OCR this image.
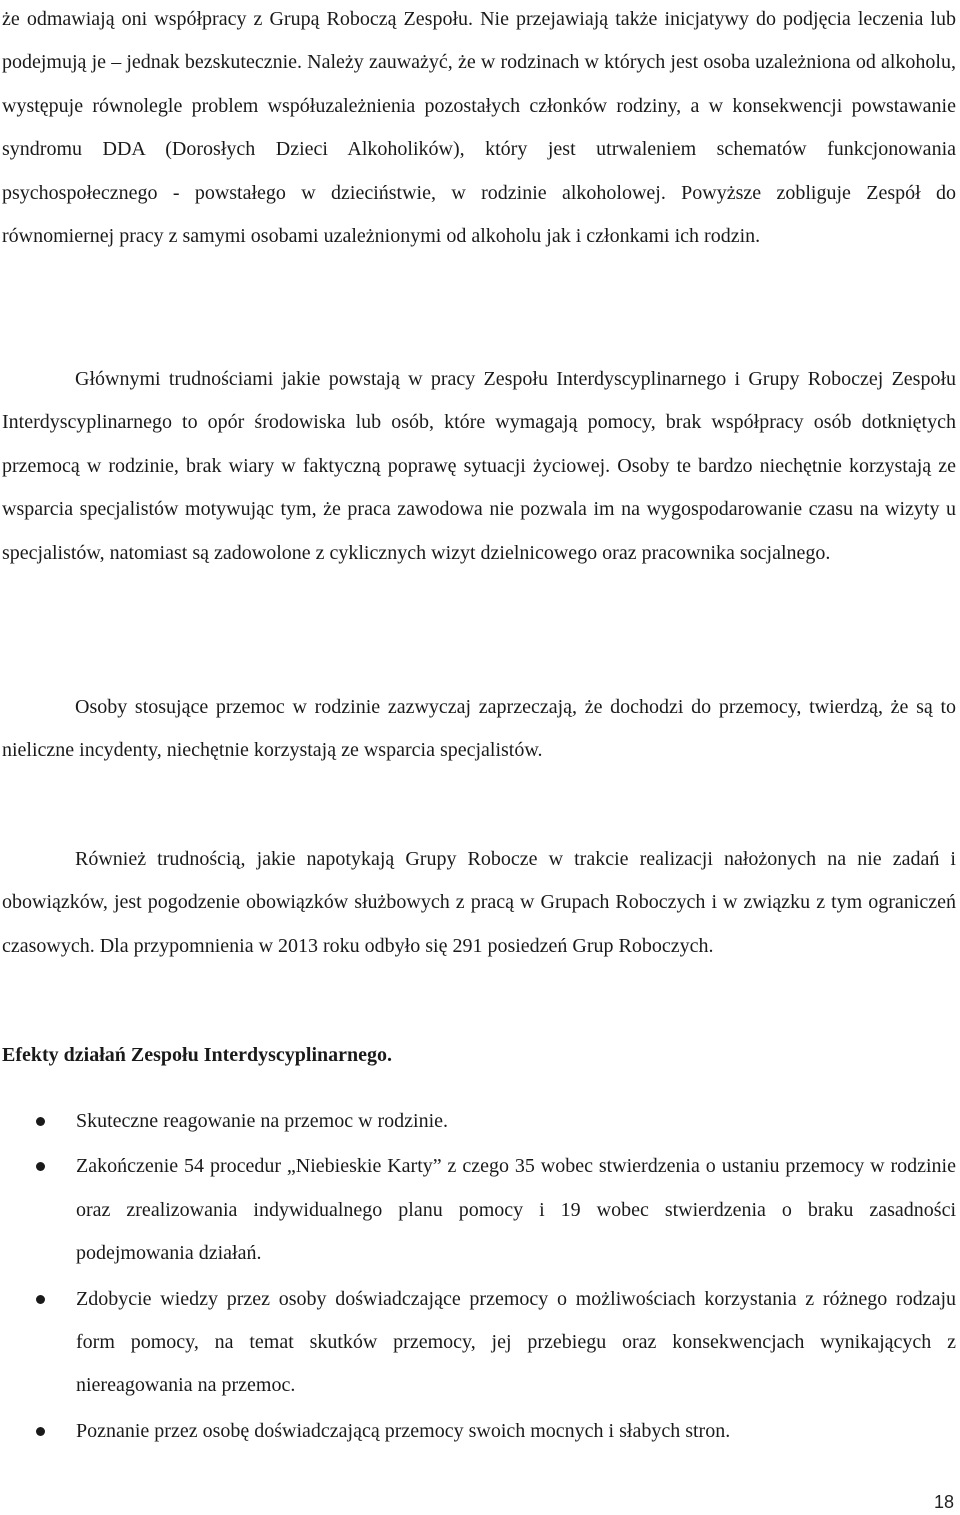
że odmawiają oni współpracy z Grupą Roboczą Zespołu. Nie przejawiają także inicjatywy do podjęcia leczenia lub podejmują je – jednak bezskutecznie. Należy zauważyć, że w rodzinach w których jest osoba uzależniona od alkoholu, występuje równolegle problem współuzależnienia pozostałych członków rodziny, a w konsekwencji powstawanie syndromu DDA (Dorosłych Dzieci Alkoholików), który jest utrwaleniem schematów funkcjonowania psychospołecznego - powstałego w dzieciństwie, w rodzinie alkoholowej. Powyższe zobliguje Zespół do równomiernej pracy z samymi osobami uzależnionymi od alkoholu jak i członkami ich rodzin.

Głównymi trudnościami jakie powstają w pracy Zespołu Interdyscyplinarnego i Grupy Roboczej Zespołu Interdyscyplinarnego to opór środowiska lub osób, które wymagają pomocy, brak współpracy osób dotkniętych przemocą w rodzinie, brak wiary w faktyczną poprawę sytuacji życiowej. Osoby te bardzo niechętnie korzystają ze wsparcia specjalistów motywując tym, że praca zawodowa nie pozwala im na wygospodarowanie czasu na wizyty u specjalistów, natomiast są zadowolone z cyklicznych wizyt dzielnicowego oraz pracownika socjalnego.

Osoby stosujące przemoc w rodzinie zazwyczaj zaprzeczają, że dochodzi do przemocy, twierdzą, że są to nieliczne incydenty, niechętnie korzystają ze wsparcia specjalistów.

Również trudnością, jakie napotykają Grupy Robocze w trakcie realizacji nałożonych na nie zadań i obowiązków, jest pogodzenie obowiązków służbowych z pracą w Grupach Roboczych i w związku z tym ograniczeń czasowych. Dla przypomnienia w 2013 roku odbyło się 291 posiedzeń Grup Roboczych.

Efekty działań Zespołu Interdyscyplinarnego.
Skuteczne reagowanie na przemoc w rodzinie.
Zakończenie 54 procedur „Niebieskie Karty” z czego 35 wobec stwierdzenia o ustaniu przemocy w rodzinie oraz zrealizowania indywidualnego planu pomocy i 19 wobec stwierdzenia o braku zasadności podejmowania działań.
Zdobycie wiedzy przez osoby doświadczające przemocy o możliwościach korzystania z różnego rodzaju form pomocy, na temat skutków przemocy, jej przebiegu oraz konsekwencjach wynikających z niereagowania na przemoc.
Poznanie przez osobę doświadczającą przemocy swoich mocnych i słabych stron.
18
